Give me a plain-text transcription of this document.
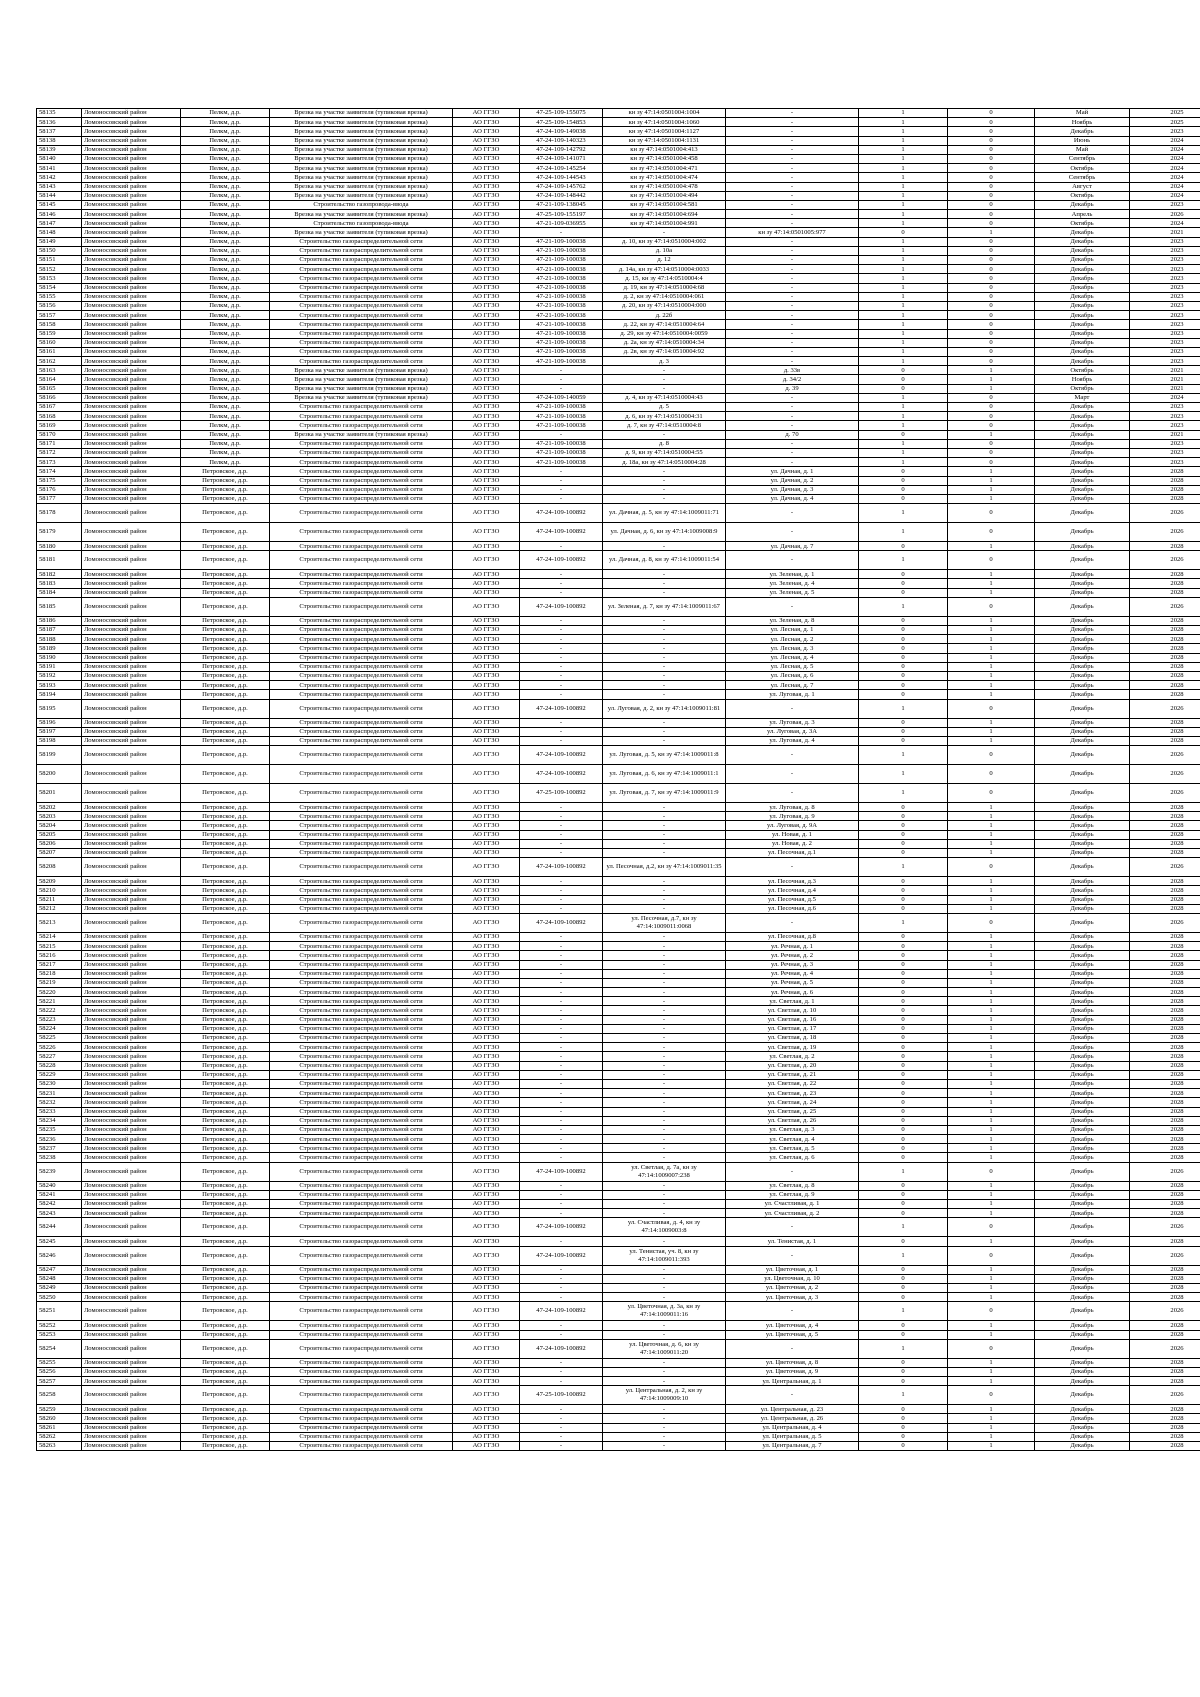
58135	Ломоносовский район	Пелкм, д.р.	Врезка на участке заявителя (тупиковая врезка)	АО ГГЗО	47-25-109-155075	кн зу 47:14:0501004:1004	-	1	0	Май	2025
58136	Ломоносовский район	Пелкм, д.р.	Врезка на участке заявителя (тупиковая врезка)	АО ГГЗО	47-25-109-154853	кн зу 47:14:0501004:1060	-	1	0	Ноябрь	2025
58137	Ломоносовский район	Пелкм, д.р.	Врезка на участке заявителя (тупиковая врезка)	АО ГГЗО	47-24-109-149038	кн зу 47:14:0501004:1127	-	1	0	Декабрь	2023
58138	Ломоносовский район	Пелкм, д.р.	Врезка на участке заявителя (тупиковая врезка)	АО ГГЗО	47-24-109-140323	кн зу 47:14:0501004:1131	-	1	0	Июнь	2024
58139	Ломоносовский район	Пелкм, д.р.	Врезка на участке заявителя (тупиковая врезка)	АО ГГЗО	47-24-109-142792	кн зу 47:14:0501004:413	-	1	0	Май	2024
58140	Ломоносовский район	Пелкм, д.р.	Врезка на участке заявителя (тупиковая врезка)	АО ГГЗО	47-24-109-141071	кн зу 47:14:0501004:458	-	1	0	Сентябрь	2024
58141	Ломоносовский район	Пелкм, д.р.	Врезка на участке заявителя (тупиковая врезка)	АО ГГЗО	47-24-109-145254	кн зу 47:14:0501004:471	-	1	0	Октябрь	2024
58142	Ломоносовский район	Пелкм, д.р.	Врезка на участке заявителя (тупиковая врезка)	АО ГГЗО	47-24-109-144543	кн зу 47:14:0501004:474	-	1	0	Сентябрь	2024
58143	Ломоносовский район	Пелкм, д.р.	Врезка на участке заявителя (тупиковая врезка)	АО ГГЗО	47-24-109-145762	кн зу 47:14:0501004:478	-	1	0	Август	2024
58144	Ломоносовский район	Пелкм, д.р.	Врезка на участке заявителя (тупиковая врезка)	АО ГГЗО	47-24-109-148442	кн зу 47:14:0501004:494	-	1	0	Октябрь	2024
58145	Ломоносовский район	Пелкм, д.р.	Строительство газопровода-ввода	АО ГГЗО	47-21-109-138045	кн зу 47:14:0501004:581	-	1	0	Декабрь	2023
58146	Ломоносовский район	Пелкм, д.р.	Врезка на участке заявителя (тупиковая врезка)	АО ГГЗО	47-25-109-155197	кн зу 47:14:0501004:694	-	1	0	Апрель	2026
58147	Ломоносовский район	Пелкм, д.р.	Строительство газопровода-ввода	АО ГГЗО	47-21-109-036955	кн зу 47:14:0501004:991	-	1	0	Октябрь	2024
58148	Ломоносовский район	Пелкм, д.р.	Врезка на участке заявителя (тупиковая врезка)	АО ГГЗО	-	-	кн зу 47:14:0501005:977	0	1	Декабрь	2021
58149	Ломоносовский район	Пелкм, д.р.	Строительство газораспределительной сети	АО ГГЗО	47-21-109-100038	д. 10, кн зу 47:14:0510004:002	-	1	0	Декабрь	2023
58150	Ломоносовский район	Пелкм, д.р.	Строительство газораспределительной сети	АО ГГЗО	47-21-109-100038	д. 10а	-	1	0	Декабрь	2023
58151	Ломоносовский район	Пелкм, д.р.	Строительство газораспределительной сети	АО ГГЗО	47-21-109-100038	д. 12	-	1	0	Декабрь	2023
58152	Ломоносовский район	Пелкм, д.р.	Строительство газораспределительной сети	АО ГГЗО	47-21-109-100038	д. 14а, кн зу 47:14:0510004:0033	-	1	0	Декабрь	2023
58153	Ломоносовский район	Пелкм, д.р.	Строительство газораспределительной сети	АО ГГЗО	47-21-109-100038	д. 15, кн зу 47:14:0510004:4	-	1	0	Декабрь	2023
58154	Ломоносовский район	Пелкм, д.р.	Строительство газораспределительной сети	АО ГГЗО	47-21-109-100038	д. 19, кн зу 47:14:0510004:68	-	1	0	Декабрь	2023
58155	Ломоносовский район	Пелкм, д.р.	Строительство газораспределительной сети	АО ГГЗО	47-21-109-100038	д. 2, кн зу 47:14:0510004:061	-	1	0	Декабрь	2023
58156	Ломоносовский район	Пелкм, д.р.	Строительство газораспределительной сети	АО ГГЗО	47-21-109-100038	д. 20, кн зу 47:14:0510004:000	-	1	0	Декабрь	2023
58157	Ломоносовский район	Пелкм, д.р.	Строительство газораспределительной сети	АО ГГЗО	47-21-109-100038	д. 22б	-	1	0	Декабрь	2023
58158	Ломоносовский район	Пелкм, д.р.	Строительство газораспределительной сети	АО ГГЗО	47-21-109-100038	д. 22, кн зу 47:14:0510004:64	-	1	0	Декабрь	2023
58159	Ломоносовский район	Пелкм, д.р.	Строительство газораспределительной сети	АО ГГЗО	47-21-109-100038	д. 29, кн зу 47:14:0510004:0059	-	1	0	Декабрь	2023
58160	Ломоносовский район	Пелкм, д.р.	Строительство газораспределительной сети	АО ГГЗО	47-21-109-100038	д. 2а, кн зу 47:14:0510004:34	-	1	0	Декабрь	2023
58161	Ломоносовский район	Пелкм, д.р.	Строительство газораспределительной сети	АО ГГЗО	47-21-109-100038	д. 2в, кн зу 47:14:0510004:92	-	1	0	Декабрь	2023
58162	Ломоносовский район	Пелкм, д.р.	Строительство газораспределительной сети	АО ГГЗО	47-21-109-100038	д. 3	-	1	0	Декабрь	2023
58163	Ломоносовский район	Пелкм, д.р.	Врезка на участке заявителя (тупиковая врезка)	АО ГГЗО	-	-	д. 33в	0	1	Октябрь	2021
58164	Ломоносовский район	Пелкм, д.р.	Врезка на участке заявителя (тупиковая врезка)	АО ГГЗО	-	-	д. 34/2	0	1	Ноябрь	2021
58165	Ломоносовский район	Пелкм, д.р.	Врезка на участке заявителя (тупиковая врезка)	АО ГГЗО	-	-	д. 39	0	1	Октябрь	2021
58166	Ломоносовский район	Пелкм, д.р.	Врезка на участке заявителя (тупиковая врезка)	АО ГГЗО	47-24-109-140059	д. 4, кн зу 47:14:0510004:43	-	1	0	Март	2024
58167	Ломоносовский район	Пелкм, д.р.	Строительство газораспределительной сети	АО ГГЗО	47-21-109-100038	д. 5	-	1	0	Декабрь	2023
58168	Ломоносовский район	Пелкм, д.р.	Строительство газораспределительной сети	АО ГГЗО	47-21-109-100038	д. 6, кн зу 47:14:0510004:31	-	1	0	Декабрь	2023
58169	Ломоносовский район	Пелкм, д.р.	Строительство газораспределительной сети	АО ГГЗО	47-21-109-100038	д. 7, кн зу 47:14:0510004:8	-	1	0	Декабрь	2023
58170	Ломоносовский район	Пелкм, д.р.	Врезка на участке заявителя (тупиковая врезка)	АО ГГЗО	-	-	д. 70	0	1	Декабрь	2021
58171	Ломоносовский район	Пелкм, д.р.	Строительство газораспределительной сети	АО ГГЗО	47-21-109-100038	д. 8	-	1	0	Декабрь	2023
58172	Ломоносовский район	Пелкм, д.р.	Строительство газораспределительной сети	АО ГГЗО	47-21-109-100038	д. 9, кн зу 47:14:0510004:55	-	1	0	Декабрь	2023
58173	Ломоносовский район	Пелкм, д.р.	Строительство газораспределительной сети	АО ГГЗО	47-21-109-100038	д. 18а, кн зу 47:14:0510004:28	-	1	0	Декабрь	2023
58174	Ломоносовский район	Петровское, д.р.	Строительство газораспределительной сети	АО ГГЗО	-	-	ул. Дачная, д. 1	0	1	Декабрь	2028
58175	Ломоносовский район	Петровское, д.р.	Строительство газораспределительной сети	АО ГГЗО	-	-	ул. Дачная, д. 2	0	1	Декабрь	2028
58176	Ломоносовский район	Петровское, д.р.	Строительство газораспределительной сети	АО ГГЗО	-	-	ул. Дачная, д. 3	0	1	Декабрь	2028
58177	Ломоносовский район	Петровское, д.р.	Строительство газораспределительной сети	АО ГГЗО	-	-	ул. Дачная, д. 4	0	1	Декабрь	2028
58178	Ломоносовский район	Петровское, д.р.	Строительство газораспределительной сети	АО ГГЗО	47-24-109-100892	ул. Дачная, д. 5, кн зу 47:14:1009011:71	-	1	0	Декабрь	2026
58179	Ломоносовский район	Петровское, д.р.	Строительство газораспределительной сети	АО ГГЗО	47-24-109-100892	ул. Дачная, д. 6, кн зу 47:14:1009008:9	-	1	0	Декабрь	2026
58180	Ломоносовский район	Петровское, д.р.	Строительство газораспределительной сети	АО ГГЗО	-	-	ул. Дачная, д. 7	0	1	Декабрь	2028
58181	Ломоносовский район	Петровское, д.р.	Строительство газораспределительной сети	АО ГГЗО	47-24-109-100892	ул. Дачная, д. 8, кн зу 47:14:1009011:54	-	1	0	Декабрь	2026
58182	Ломоносовский район	Петровское, д.р.	Строительство газораспределительной сети	АО ГГЗО	-	-	ул. Зеленая, д. 1	0	1	Декабрь	2028
58183	Ломоносовский район	Петровское, д.р.	Строительство газораспределительной сети	АО ГГЗО	-	-	ул. Зеленая, д. 4	0	1	Декабрь	2028
58184	Ломоносовский район	Петровское, д.р.	Строительство газораспределительной сети	АО ГГЗО	-	-	ул. Зеленая, д. 5	0	1	Декабрь	2028
58185	Ломоносовский район	Петровское, д.р.	Строительство газораспределительной сети	АО ГГЗО	47-24-109-100892	ул. Зеленая, д. 7, кн зу 47:14:1009011:67	-	1	0	Декабрь	2026
58186	Ломоносовский район	Петровское, д.р.	Строительство газораспределительной сети	АО ГГЗО	-	-	ул. Зеленая, д. 8	0	1	Декабрь	2028
58187	Ломоносовский район	Петровское, д.р.	Строительство газораспределительной сети	АО ГГЗО	-	-	ул. Лесная, д. 1	0	1	Декабрь	2028
58188	Ломоносовский район	Петровское, д.р.	Строительство газораспределительной сети	АО ГГЗО	-	-	ул. Лесная, д. 2	0	1	Декабрь	2028
58189	Ломоносовский район	Петровское, д.р.	Строительство газораспределительной сети	АО ГГЗО	-	-	ул. Лесная, д. 3	0	1	Декабрь	2028
58190	Ломоносовский район	Петровское, д.р.	Строительство газораспределительной сети	АО ГГЗО	-	-	ул. Лесная, д. 4	0	1	Декабрь	2028
58191	Ломоносовский район	Петровское, д.р.	Строительство газораспределительной сети	АО ГГЗО	-	-	ул. Лесная, д. 5	0	1	Декабрь	2028
58192	Ломоносовский район	Петровское, д.р.	Строительство газораспределительной сети	АО ГГЗО	-	-	ул. Лесная, д. 6	0	1	Декабрь	2028
58193	Ломоносовский район	Петровское, д.р.	Строительство газораспределительной сети	АО ГГЗО	-	-	ул. Лесная, д. 7	0	1	Декабрь	2028
58194	Ломоносовский район	Петровское, д.р.	Строительство газораспределительной сети	АО ГГЗО	-	-	ул. Луговая, д. 1	0	1	Декабрь	2028
58195	Ломоносовский район	Петровское, д.р.	Строительство газораспределительной сети	АО ГГЗО	47-24-109-100892	ул. Луговая, д. 2, кн зу 47:14:1009011:81	-	1	0	Декабрь	2026
58196	Ломоносовский район	Петровское, д.р.	Строительство газораспределительной сети	АО ГГЗО	-	-	ул. Луговая, д. 3	0	1	Декабрь	2028
58197	Ломоносовский район	Петровское, д.р.	Строительство газораспределительной сети	АО ГГЗО	-	-	ул. Луговая, д. 3А	0	1	Декабрь	2028
58198	Ломоносовский район	Петровское, д.р.	Строительство газораспределительной сети	АО ГГЗО	-	-	ул. Луговая, д. 4	0	1	Декабрь	2028
58199	Ломоносовский район	Петровское, д.р.	Строительство газораспределительной сети	АО ГГЗО	47-24-109-100892	ул. Луговая, д. 5, кн зу 47:14:1009011:8	-	1	0	Декабрь	2026
58200	Ломоносовский район	Петровское, д.р.	Строительство газораспределительной сети	АО ГГЗО	47-24-109-100892	ул. Луговая, д. 6, кн зу 47:14:1009011:1	-	1	0	Декабрь	2026
58201	Ломоносовский район	Петровское, д.р.	Строительство газораспределительной сети	АО ГГЗО	47-25-109-100892	ул. Луговая, д. 7, кн зу 47:14:1009011:9	-	1	0	Декабрь	2026
58202	Ломоносовский район	Петровское, д.р.	Строительство газораспределительной сети	АО ГГЗО	-	-	ул. Луговая, д. 8	0	1	Декабрь	2028
58203	Ломоносовский район	Петровское, д.р.	Строительство газораспределительной сети	АО ГГЗО	-	-	ул. Луговая, д. 9	0	1	Декабрь	2028
58204	Ломоносовский район	Петровское, д.р.	Строительство газораспределительной сети	АО ГГЗО	-	-	ул. Луговая, д. 9А	0	1	Декабрь	2028
58205	Ломоносовский район	Петровское, д.р.	Строительство газораспределительной сети	АО ГГЗО	-	-	ул. Новая, д. 1	0	1	Декабрь	2028
58206	Ломоносовский район	Петровское, д.р.	Строительство газораспределительной сети	АО ГГЗО	-	-	ул. Новая, д. 2	0	1	Декабрь	2028
58207	Ломоносовский район	Петровское, д.р.	Строительство газораспределительной сети	АО ГГЗО	-	-	ул. Песочная, д.1	0	1	Декабрь	2028
58208	Ломоносовский район	Петровское, д.р.	Строительство газораспределительной сети	АО ГГЗО	47-24-109-100892	ул. Песочная, д.2, кн зу 47:14:1009011:35	-	1	0	Декабрь	2026
58209	Ломоносовский район	Петровское, д.р.	Строительство газораспределительной сети	АО ГГЗО	-	-	ул. Песочная, д.3	0	1	Декабрь	2028
58210	Ломоносовский район	Петровское, д.р.	Строительство газораспределительной сети	АО ГГЗО	-	-	ул. Песочная, д.4	0	1	Декабрь	2028
58211	Ломоносовский район	Петровское, д.р.	Строительство газораспределительной сети	АО ГГЗО	-	-	ул. Песочная, д.5	0	1	Декабрь	2028
58212	Ломоносовский район	Петровское, д.р.	Строительство газораспределительной сети	АО ГГЗО	-	-	ул. Песочная, д.6	0	1	Декабрь	2028
58213	Ломоносовский район	Петровское, д.р.	Строительство газораспределительной сети	АО ГГЗО	47-24-109-100892	ул. Песочная, д.7, кн зу 47:14:1009011:0068	-	1	0	Декабрь	2026
58214	Ломоносовский район	Петровское, д.р.	Строительство газораспределительной сети	АО ГГЗО	-	-	ул. Песочная, д.8	0	1	Декабрь	2028
58215	Ломоносовский район	Петровское, д.р.	Строительство газораспределительной сети	АО ГГЗО	-	-	ул. Речная, д. 1	0	1	Декабрь	2028
58216	Ломоносовский район	Петровское, д.р.	Строительство газораспределительной сети	АО ГГЗО	-	-	ул. Речная, д. 2	0	1	Декабрь	2028
58217	Ломоносовский район	Петровское, д.р.	Строительство газораспределительной сети	АО ГГЗО	-	-	ул. Речная, д. 3	0	1	Декабрь	2028
58218	Ломоносовский район	Петровское, д.р.	Строительство газораспределительной сети	АО ГГЗО	-	-	ул. Речная, д. 4	0	1	Декабрь	2028
58219	Ломоносовский район	Петровское, д.р.	Строительство газораспределительной сети	АО ГГЗО	-	-	ул. Речная, д. 5	0	1	Декабрь	2028
58220	Ломоносовский район	Петровское, д.р.	Строительство газораспределительной сети	АО ГГЗО	-	-	ул. Речная, д. 6	0	1	Декабрь	2028
58221	Ломоносовский район	Петровское, д.р.	Строительство газораспределительной сети	АО ГГЗО	-	-	ул. Светлая, д. 1	0	1	Декабрь	2028
58222	Ломоносовский район	Петровское, д.р.	Строительство газораспределительной сети	АО ГГЗО	-	-	ул. Светлая, д. 10	0	1	Декабрь	2028
58223	Ломоносовский район	Петровское, д.р.	Строительство газораспределительной сети	АО ГГЗО	-	-	ул. Светлая, д. 16	0	1	Декабрь	2028
58224	Ломоносовский район	Петровское, д.р.	Строительство газораспределительной сети	АО ГГЗО	-	-	ул. Светлая, д. 17	0	1	Декабрь	2028
58225	Ломоносовский район	Петровское, д.р.	Строительство газораспределительной сети	АО ГГЗО	-	-	ул. Светлая, д. 18	0	1	Декабрь	2028
58226	Ломоносовский район	Петровское, д.р.	Строительство газораспределительной сети	АО ГГЗО	-	-	ул. Светлая, д. 19	0	1	Декабрь	2028
58227	Ломоносовский район	Петровское, д.р.	Строительство газораспределительной сети	АО ГГЗО	-	-	ул. Светлая, д. 2	0	1	Декабрь	2028
58228	Ломоносовский район	Петровское, д.р.	Строительство газораспределительной сети	АО ГГЗО	-	-	ул. Светлая, д. 20	0	1	Декабрь	2028
58229	Ломоносовский район	Петровское, д.р.	Строительство газораспределительной сети	АО ГГЗО	-	-	ул. Светлая, д. 21	0	1	Декабрь	2028
58230	Ломоносовский район	Петровское, д.р.	Строительство газораспределительной сети	АО ГГЗО	-	-	ул. Светлая, д. 22	0	1	Декабрь	2028
58231	Ломоносовский район	Петровское, д.р.	Строительство газораспределительной сети	АО ГГЗО	-	-	ул. Светлая, д. 23	0	1	Декабрь	2028
58232	Ломоносовский район	Петровское, д.р.	Строительство газораспределительной сети	АО ГГЗО	-	-	ул. Светлая, д. 24	0	1	Декабрь	2028
58233	Ломоносовский район	Петровское, д.р.	Строительство газораспределительной сети	АО ГГЗО	-	-	ул. Светлая, д. 25	0	1	Декабрь	2028
58234	Ломоносовский район	Петровское, д.р.	Строительство газораспределительной сети	АО ГГЗО	-	-	ул. Светлая, д. 26	0	1	Декабрь	2028
58235	Ломоносовский район	Петровское, д.р.	Строительство газораспределительной сети	АО ГГЗО	-	-	ул. Светлая, д. 3	0	1	Декабрь	2028
58236	Ломоносовский район	Петровское, д.р.	Строительство газораспределительной сети	АО ГГЗО	-	-	ул. Светлая, д. 4	0	1	Декабрь	2028
58237	Ломоносовский район	Петровское, д.р.	Строительство газораспределительной сети	АО ГГЗО	-	-	ул. Светлая, д. 5	0	1	Декабрь	2028
58238	Ломоносовский район	Петровское, д.р.	Строительство газораспределительной сети	АО ГГЗО	-	-	ул. Светлая, д. 6	0	1	Декабрь	2028
58239	Ломоносовский район	Петровское, д.р.	Строительство газораспределительной сети	АО ГГЗО	47-24-109-100892	ул. Светлая, д. 7а, кн зу 47:14:1009007:238	-	1	0	Декабрь	2026
58240	Ломоносовский район	Петровское, д.р.	Строительство газораспределительной сети	АО ГГЗО	-	-	ул. Светлая, д. 8	0	1	Декабрь	2028
58241	Ломоносовский район	Петровское, д.р.	Строительство газораспределительной сети	АО ГГЗО	-	-	ул. Светлая, д. 9	0	1	Декабрь	2028
58242	Ломоносовский район	Петровское, д.р.	Строительство газораспределительной сети	АО ГГЗО	-	-	ул. Счастливая, д. 1	0	1	Декабрь	2028
58243	Ломоносовский район	Петровское, д.р.	Строительство газораспределительной сети	АО ГГЗО	-	-	ул. Счастливая, д. 2	0	1	Декабрь	2028
58244	Ломоносовский район	Петровское, д.р.	Строительство газораспределительной сети	АО ГГЗО	47-24-109-100892	ул. Счастливая, д. 4, кн зу 47:14:1009003:8	-	1	0	Декабрь	2026
58245	Ломоносовский район	Петровское, д.р.	Строительство газораспределительной сети	АО ГГЗО	-	-	ул. Тенистая, д. 1	0	1	Декабрь	2028
58246	Ломоносовский район	Петровское, д.р.	Строительство газораспределительной сети	АО ГГЗО	47-24-109-100892	ул. Тенистая, уч. 8, кн зу 47:14:1009011:393	-	1	0	Декабрь	2026
58247	Ломоносовский район	Петровское, д.р.	Строительство газораспределительной сети	АО ГГЗО	-	-	ул. Цветочная, д. 1	0	1	Декабрь	2028
58248	Ломоносовский район	Петровское, д.р.	Строительство газораспределительной сети	АО ГГЗО	-	-	ул. Цветочная, д. 10	0	1	Декабрь	2028
58249	Ломоносовский район	Петровское, д.р.	Строительство газораспределительной сети	АО ГГЗО	-	-	ул. Цветочная, д. 2	0	1	Декабрь	2028
58250	Ломоносовский район	Петровское, д.р.	Строительство газораспределительной сети	АО ГГЗО	-	-	ул. Цветочная, д. 3	0	1	Декабрь	2028
58251	Ломоносовский район	Петровское, д.р.	Строительство газораспределительной сети	АО ГГЗО	47-24-109-100892	ул. Цветочная, д. 3а, кн зу 47:14:1009011:16	-	1	0	Декабрь	2026
58252	Ломоносовский район	Петровское, д.р.	Строительство газораспределительной сети	АО ГГЗО	-	-	ул. Цветочная, д. 4	0	1	Декабрь	2028
58253	Ломоносовский район	Петровское, д.р.	Строительство газораспределительной сети	АО ГГЗО	-	-	ул. Цветочная, д. 5	0	1	Декабрь	2028
58254	Ломоносовский район	Петровское, д.р.	Строительство газораспределительной сети	АО ГГЗО	47-24-109-100892	ул. Цветочная, д. 6, кн зу 47:14:1009011:20	-	1	0	Декабрь	2026
58255	Ломоносовский район	Петровское, д.р.	Строительство газораспределительной сети	АО ГГЗО	-	-	ул. Цветочная, д. 8	0	1	Декабрь	2028
58256	Ломоносовский район	Петровское, д.р.	Строительство газораспределительной сети	АО ГГЗО	-	-	ул. Цветочная, д. 9	0	1	Декабрь	2028
58257	Ломоносовский район	Петровское, д.р.	Строительство газораспределительной сети	АО ГГЗО	-	-	ул. Центральная, д. 1	0	1	Декабрь	2028
58258	Ломоносовский район	Петровское, д.р.	Строительство газораспределительной сети	АО ГГЗО	47-25-109-100892	ул. Центральная, д. 2, кн зу 47:14:1009009:10	-	1	0	Декабрь	2026
58259	Ломоносовский район	Петровское, д.р.	Строительство газораспределительной сети	АО ГГЗО	-	-	ул. Центральная, д. 23	0	1	Декабрь	2028
58260	Ломоносовский район	Петровское, д.р.	Строительство газораспределительной сети	АО ГГЗО	-	-	ул. Центральная, д. 26	0	1	Декабрь	2028
58261	Ломоносовский район	Петровское, д.р.	Строительство газораспределительной сети	АО ГГЗО	-	-	ул. Центральная, д. 4	0	1	Декабрь	2028
58262	Ломоносовский район	Петровское, д.р.	Строительство газораспределительной сети	АО ГГЗО	-	-	ул. Центральная, д. 5	0	1	Декабрь	2028
58263	Ломоносовский район	Петровское, д.р.	Строительство газораспределительной сети	АО ГГЗО	-	-	ул. Центральная, д. 7	0	1	Декабрь	2028
